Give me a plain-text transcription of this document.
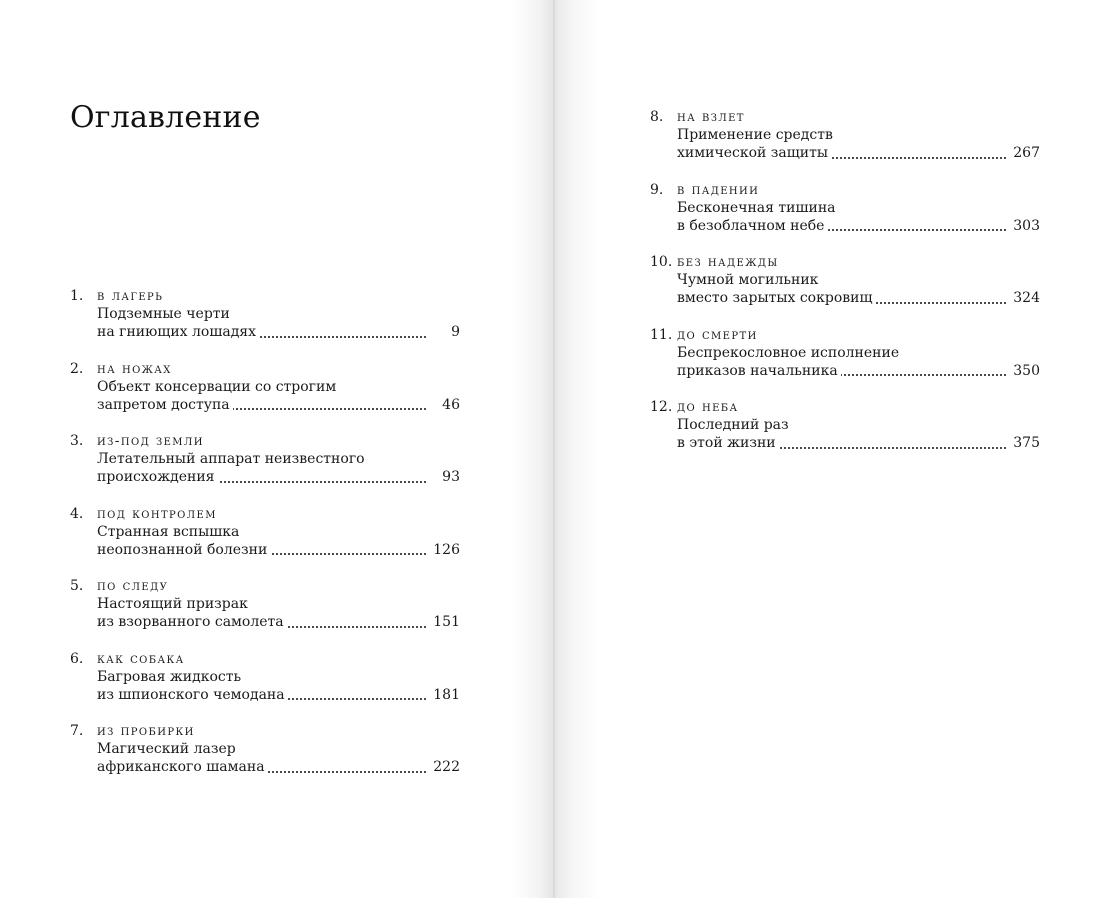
Оглавление
1. в лагерь
Подземные черти
на гниющих лошадях	9
2. на ножах
Объект консервации со строгим
запретом доступа	46
3. из-под земли
Летательный аппарат неизвестного
происхождения	93
4. под контролем
Странная вспышка
неопознанной болезни	126
5. по следу
Настоящий призрак
из взорванного самолета	151
6. как собака
Багровая жидкость
из шпионского чемодана	181
7. из пробирки
Магический лазер
африканского шамана	222
8. на взлет
Применение средств
химической защиты	267
9. в падении
Бесконечная тишина
в безоблачном небе	303
10. без надежды
Чумной могильник
вместо зарытых сокровищ	324
11. до смерти
Беспрекословное исполнение
приказов начальника	350
12. до неба
Последний раз
в этой жизни	375
